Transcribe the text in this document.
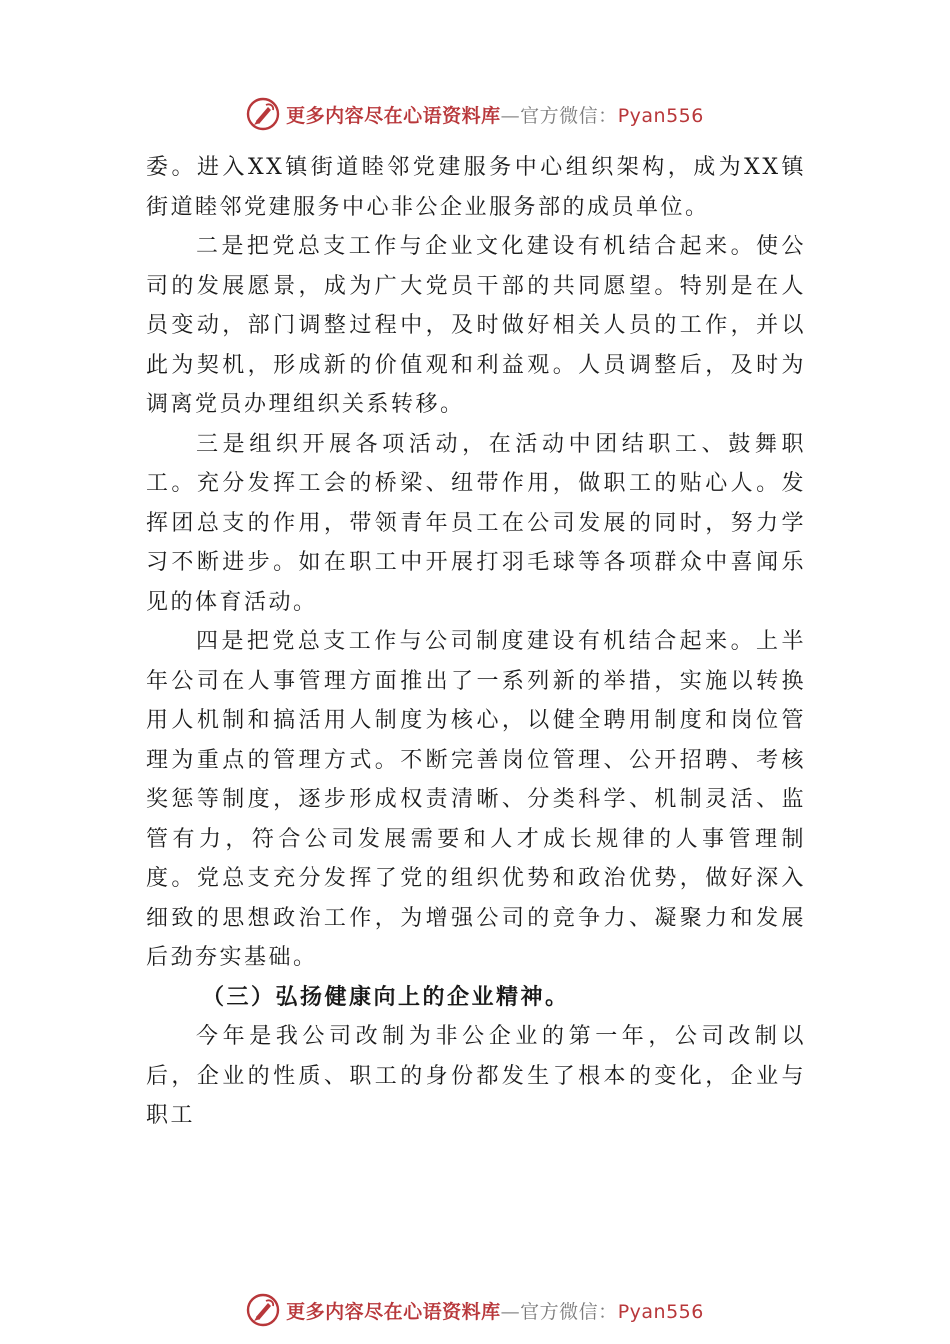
更多内容尽在心语资料库—官方微信：Pyan556

委。进入XX镇街道睦邻党建服务中心组织架构，成为XX镇街道睦邻党建服务中心非公企业服务部的成员单位。

二是把党总支工作与企业文化建设有机结合起来。使公司的发展愿景，成为广大党员干部的共同愿望。特别是在人员变动，部门调整过程中，及时做好相关人员的工作，并以此为契机，形成新的价值观和利益观。人员调整后，及时为调离党员办理组织关系转移。

三是组织开展各项活动，在活动中团结职工、鼓舞职工。充分发挥工会的桥梁、纽带作用，做职工的贴心人。发挥团总支的作用，带领青年员工在公司发展的同时，努力学习不断进步。如在职工中开展打羽毛球等各项群众中喜闻乐见的体育活动。

四是把党总支工作与公司制度建设有机结合起来。上半年公司在人事管理方面推出了一系列新的举措，实施以转换用人机制和搞活用人制度为核心，以健全聘用制度和岗位管理为重点的管理方式。不断完善岗位管理、公开招聘、考核奖惩等制度，逐步形成权责清晰、分类科学、机制灵活、监管有力，符合公司发展需要和人才成长规律的人事管理制度。党总支充分发挥了党的组织优势和政治优势，做好深入细致的思想政治工作，为增强公司的竞争力、凝聚力和发展后劲夯实基础。

（三）弘扬健康向上的企业精神。

今年是我公司改制为非公企业的第一年，公司改制以后，企业的性质、职工的身份都发生了根本的变化，企业与职工

更多内容尽在心语资料库—官方微信：Pyan556
